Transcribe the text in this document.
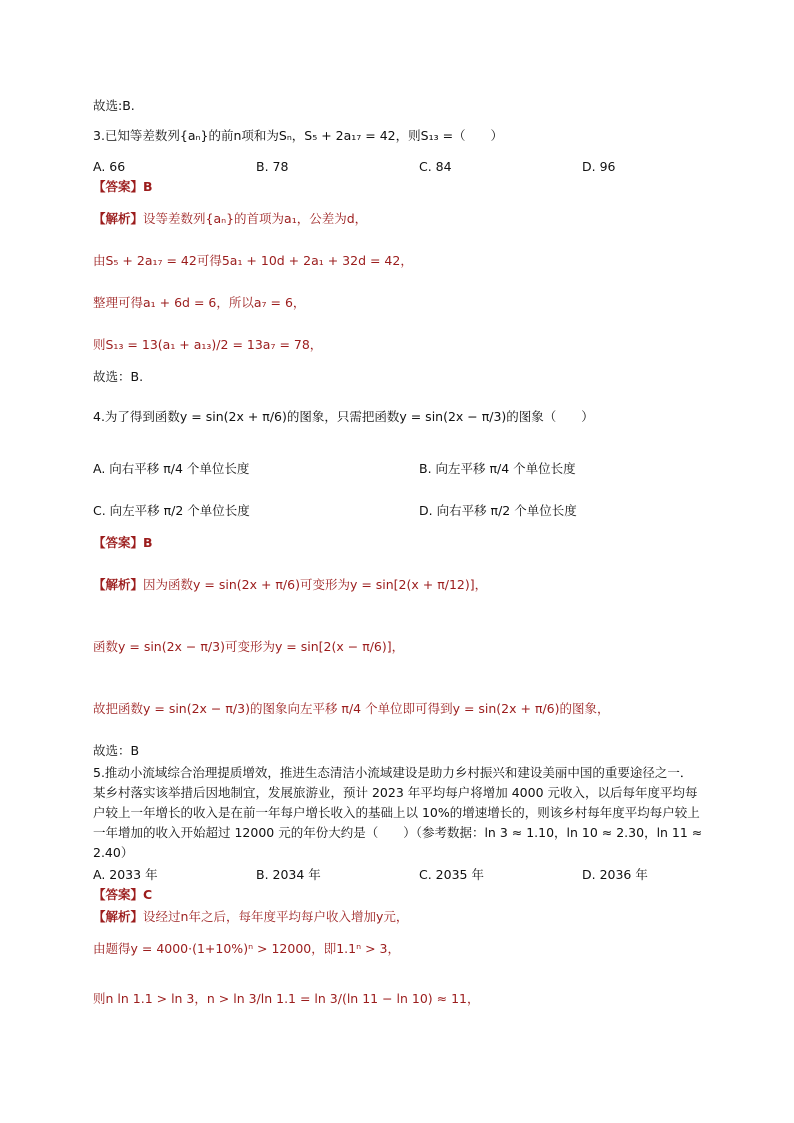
故选:B.
3.已知等差数列{aₙ}的前n项和为Sₙ，S₅ + 2a₁₇ = 42，则S₁₃ =（　　）
A. 66	B. 78	C. 84	D. 96
【答案】B
【解析】设等差数列{aₙ}的首项为a₁，公差为d，
由S₅ + 2a₁₇ = 42可得5a₁ + 10d + 2a₁ + 32d = 42，
整理可得a₁ + 6d = 6，所以a₇ = 6，
则S₁₃ = 13(a₁ + a₁₃)/2 = 13a₇ = 78，
故选：B.
4.为了得到函数y = sin(2x + π/6)的图象，只需把函数y = sin(2x − π/3)的图象（　　）
A. 向右平移 π/4 个单位长度	B. 向左平移 π/4 个单位长度
C. 向左平移 π/2 个单位长度	D. 向右平移 π/2 个单位长度
【答案】B
【解析】因为函数y = sin(2x + π/6)可变形为y = sin[2(x + π/12)]，
函数y = sin(2x − π/3)可变形为y = sin[2(x − π/6)]，
故把函数y = sin(2x − π/3)的图象向左平移 π/4 个单位即可得到y = sin(2x + π/6)的图象，
故选：B
5.推动小流域综合治理提质增效，推进生态清洁小流域建设是助力乡村振兴和建设美丽中国的重要途径之一．某乡村落实该举措后因地制宜，发展旅游业，预计 2023 年平均每户将增加 4000 元收入，以后每年度平均每户较上一年增长的收入是在前一年每户增长收入的基础上以 10%的增速增长的，则该乡村每年度平均每户较上一年增加的收入开始超过 12000 元的年份大约是（　　）（参考数据：ln 3 ≈ 1.10，ln 10 ≈ 2.30，ln 11 ≈ 2.40）
A. 2033 年	B. 2034 年	C. 2035 年	D. 2036 年
【答案】C
【解析】设经过n年之后，每年度平均每户收入增加y元，
由题得y = 4000·(1+10%)ⁿ > 12000，即1.1ⁿ > 3，
则n ln 1.1 > ln 3，n > ln 3/ln 1.1 = ln 3/(ln 11 − ln 10) ≈ 11，
